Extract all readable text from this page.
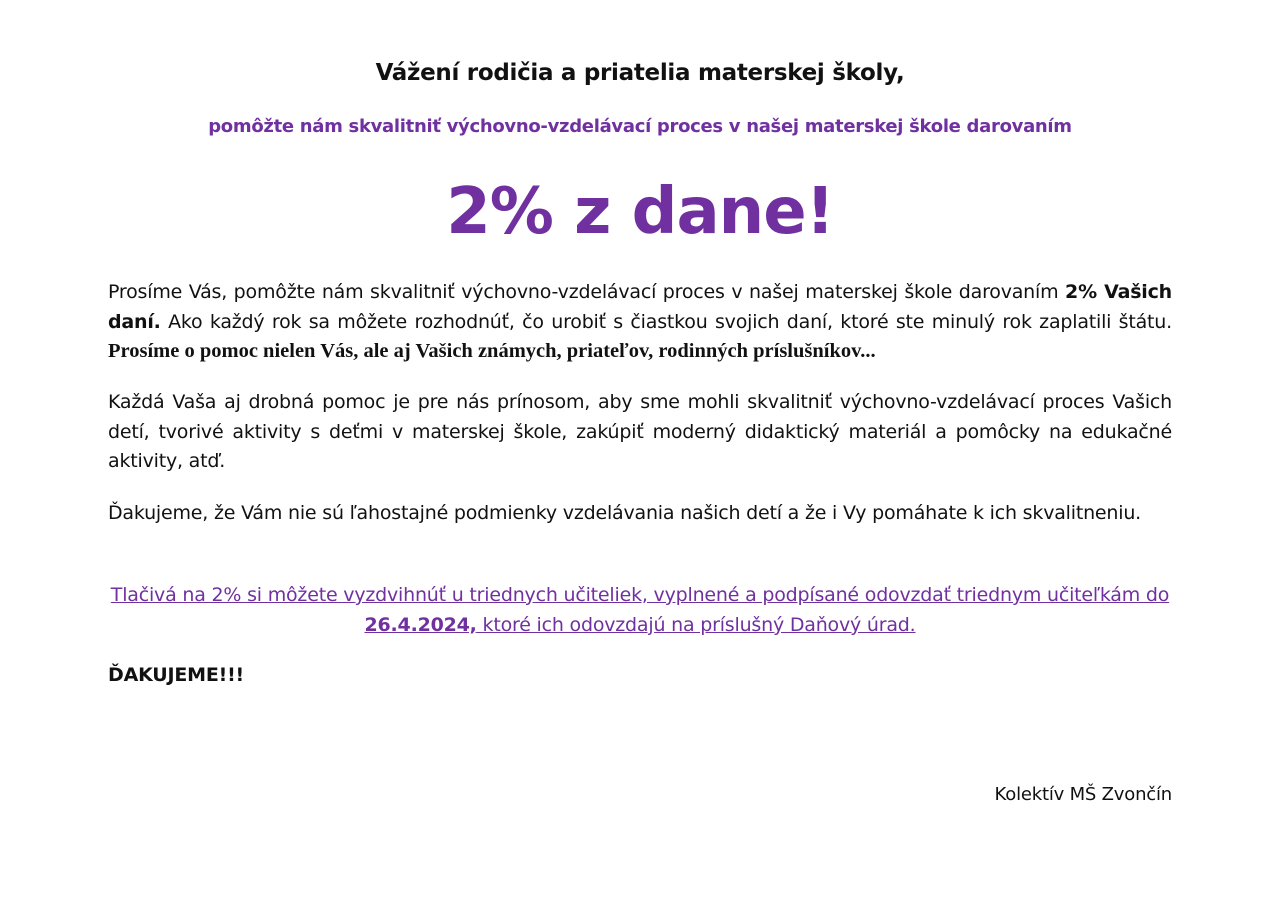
Vážení rodičia a priatelia materskej školy,
pomôžte nám skvalitniť výchovno-vzdelávací proces v našej materskej škole darovaním
2% z dane!
Prosíme Vás, pomôžte nám skvalitniť výchovno-vzdelávací proces v našej materskej škole darovaním 2% Vašich daní. Ako každý rok sa môžete rozhodnúť, čo urobiť s čiastkou svojich daní, ktoré ste minulý rok zaplatili štátu. Prosíme o pomoc nielen Vás, ale aj Vašich známych, priateľov, rodinných príslušníkov...
Každá Vaša aj drobná pomoc je pre nás prínosom, aby sme mohli skvalitniť výchovno-vzdelávací proces Vašich detí, tvorivé aktivity s deťmi v materskej škole, zakúpiť moderný didaktický materiál a pomôcky na edukačné aktivity, atď.
Ďakujeme, že Vám nie sú ľahostajné podmienky vzdelávania našich detí a že i Vy pomáhate k ich skvalitneniu.
Tlačivá na 2% si môžete vyzdvihnúť u triednych učiteliek, vyplnené a podpísané odovzdať triednym učiteľkám do 26.4.2024, ktoré ich odovzdajú na príslušný Daňový úrad.
ĎAKUJEME!!!
Kolektív MŠ Zvončín
